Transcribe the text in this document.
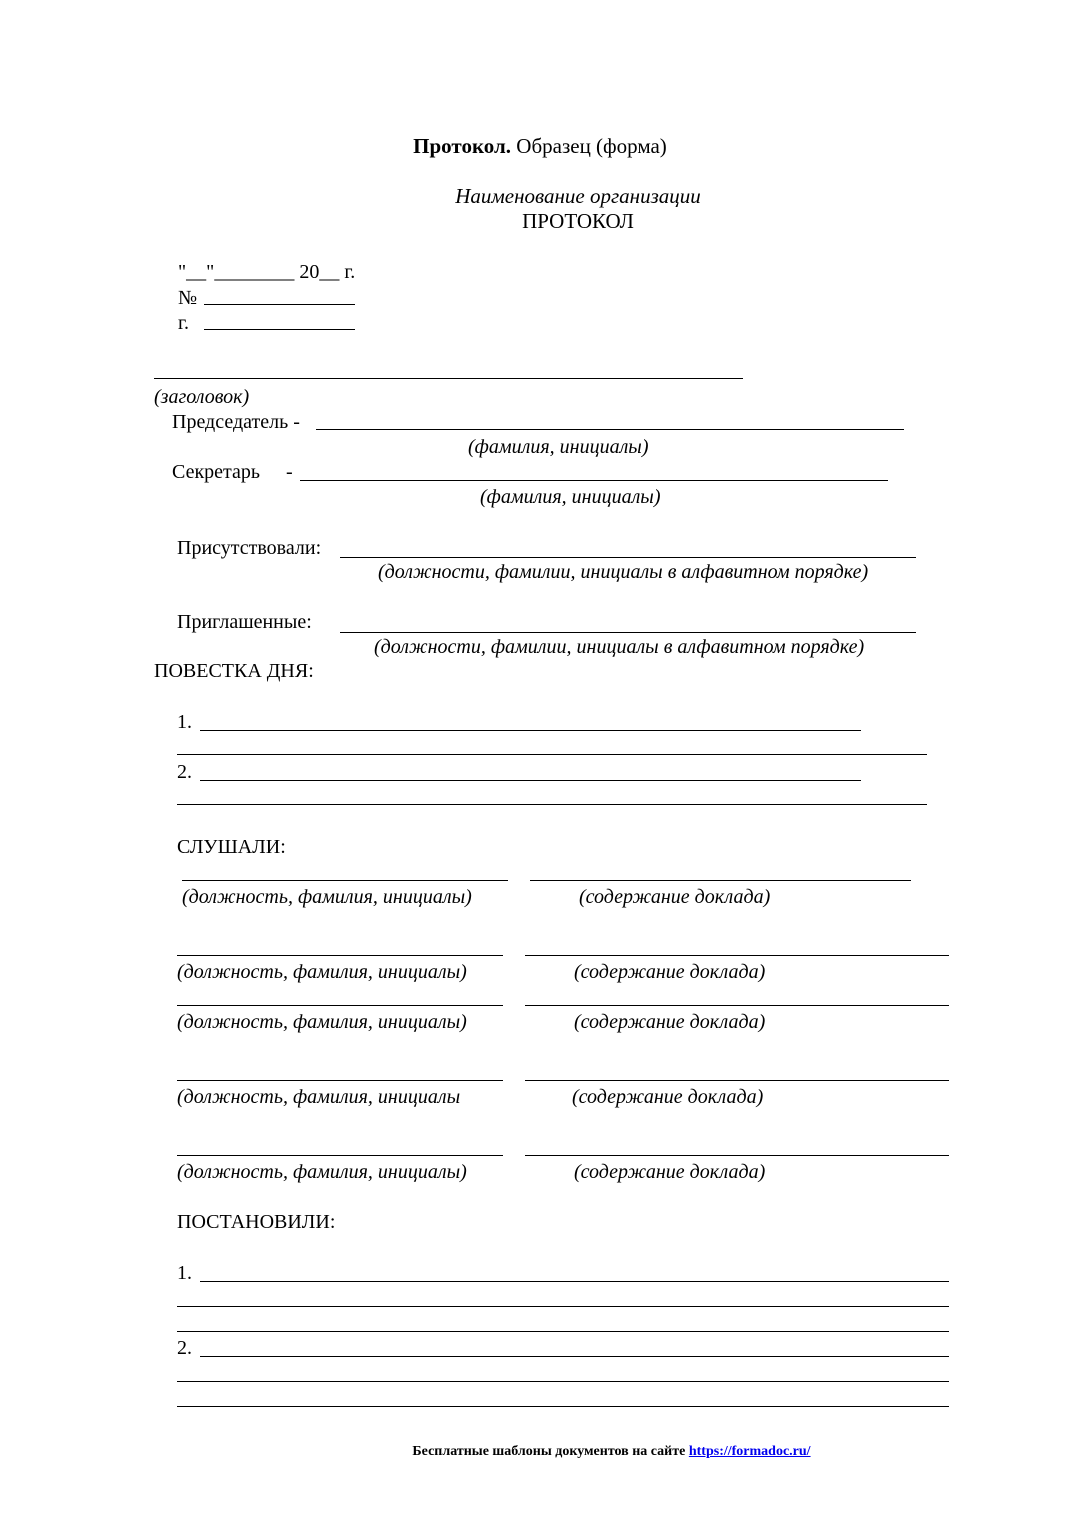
Протокол. Образец (форма)
Наименование организации
ПРОТОКОЛ
"__"________ 20__ г.
№
г.
(заголовок)
Председатель -
(фамилия, инициалы)
Секретарь -
(фамилия, инициалы)
Присутствовали:
(должности, фамилии, инициалы в алфавитном порядке)
Приглашенные:
(должности, фамилии, инициалы в алфавитном порядке)
ПОВЕСТКА ДНЯ:
1.
2.
СЛУШАЛИ:
(должность, фамилия, инициалы)	(содержание доклада)
(должность, фамилия, инициалы)	(содержание доклада)
(должность, фамилия, инициалы)	(содержание доклада)
(должность, фамилия, инициалы	(содержание доклада)
(должность, фамилия, инициалы)	(содержание доклада)
ПОСТАНОВИЛИ:
1.
2.
Бесплатные шаблоны документов на сайте https://formadoc.ru/
